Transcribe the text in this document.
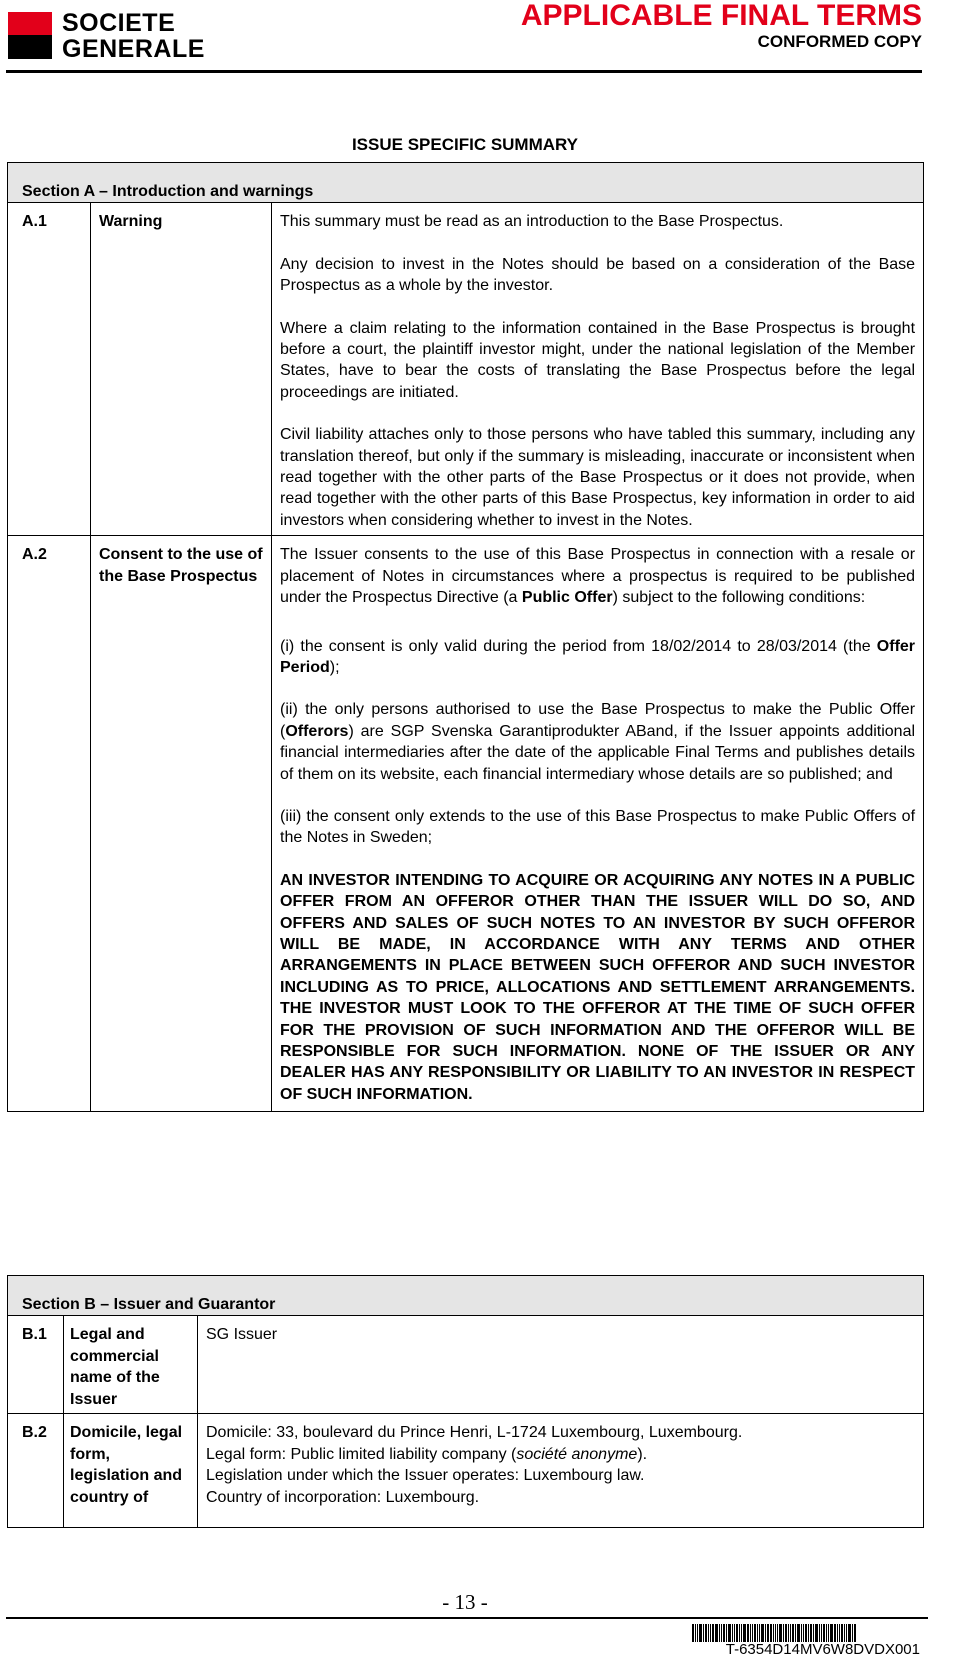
SOCIETE
GENERALE
APPLICABLE FINAL TERMS
CONFORMED COPY
ISSUE SPECIFIC SUMMARY
Section A – Introduction and warnings		
A.1	Warning	This summary must be read as an introduction to the Base Prospectus.

Any decision to invest in the Notes should be based on a consideration of the Base Prospectus as a whole by the investor.

Where a claim relating to the information contained in the Base Prospectus is brought before a court, the plaintiff investor might, under the national legislation of the Member States, have to bear the costs of translating the Base Prospectus before the legal proceedings are initiated.

Civil liability attaches only to those persons who have tabled this summary, including any translation thereof, but only if the summary is misleading, inaccurate or inconsistent when read together with the other parts of the Base Prospectus or it does not provide, when read together with the other parts of this Base Prospectus, key information in order to aid investors when considering whether to invest in the Notes.

A.2	Consent to the use of the Base Prospectus	The Issuer consents to the use of this Base Prospectus in connection with a resale or placement of Notes in circumstances where a prospectus is required to be published under the Prospectus Directive (a Public Offer) subject to the following conditions:

(i) the consent is only valid during the period from 18/02/2014 to 28/03/2014 (the Offer Period);

(ii) the only persons authorised to use the Base Prospectus to make the Public Offer (Offerors) are SGP Svenska Garantiprodukter ABand, if the Issuer appoints additional financial intermediaries after the date of the applicable Final Terms and publishes details of them on its website, each financial intermediary whose details are so published; and

(iii) the consent only extends to the use of this Base Prospectus to make Public Offers of the Notes in Sweden;

AN INVESTOR INTENDING TO ACQUIRE OR ACQUIRING ANY NOTES IN A PUBLIC OFFER FROM AN OFFEROR OTHER THAN THE ISSUER WILL DO SO, AND OFFERS AND SALES OF SUCH NOTES TO AN INVESTOR BY SUCH OFFEROR WILL BE MADE, IN ACCORDANCE WITH ANY TERMS AND OTHER ARRANGEMENTS IN PLACE BETWEEN SUCH OFFEROR AND SUCH INVESTOR INCLUDING AS TO PRICE, ALLOCATIONS AND SETTLEMENT ARRANGEMENTS. THE INVESTOR MUST LOOK TO THE OFFEROR AT THE TIME OF SUCH OFFER FOR THE PROVISION OF SUCH INFORMATION AND THE OFFEROR WILL BE RESPONSIBLE FOR SUCH INFORMATION. NONE OF THE ISSUER OR ANY DEALER HAS ANY RESPONSIBILITY OR LIABILITY TO AN INVESTOR IN RESPECT OF SUCH INFORMATION.

Section B – Issuer and Guarantor		
B.1	Legal and commercial name of the Issuer	SG Issuer
B.2	Domicile, legal form, legislation and country of	Domicile: 33, boulevard du Prince Henri, L-1724 Luxembourg, Luxembourg.
Legal form: Public limited liability company (société anonyme).
Legislation under which the Issuer operates: Luxembourg law.
Country of incorporation: Luxembourg.
- 13 -
T-6354D14MV6W8DVDX001
